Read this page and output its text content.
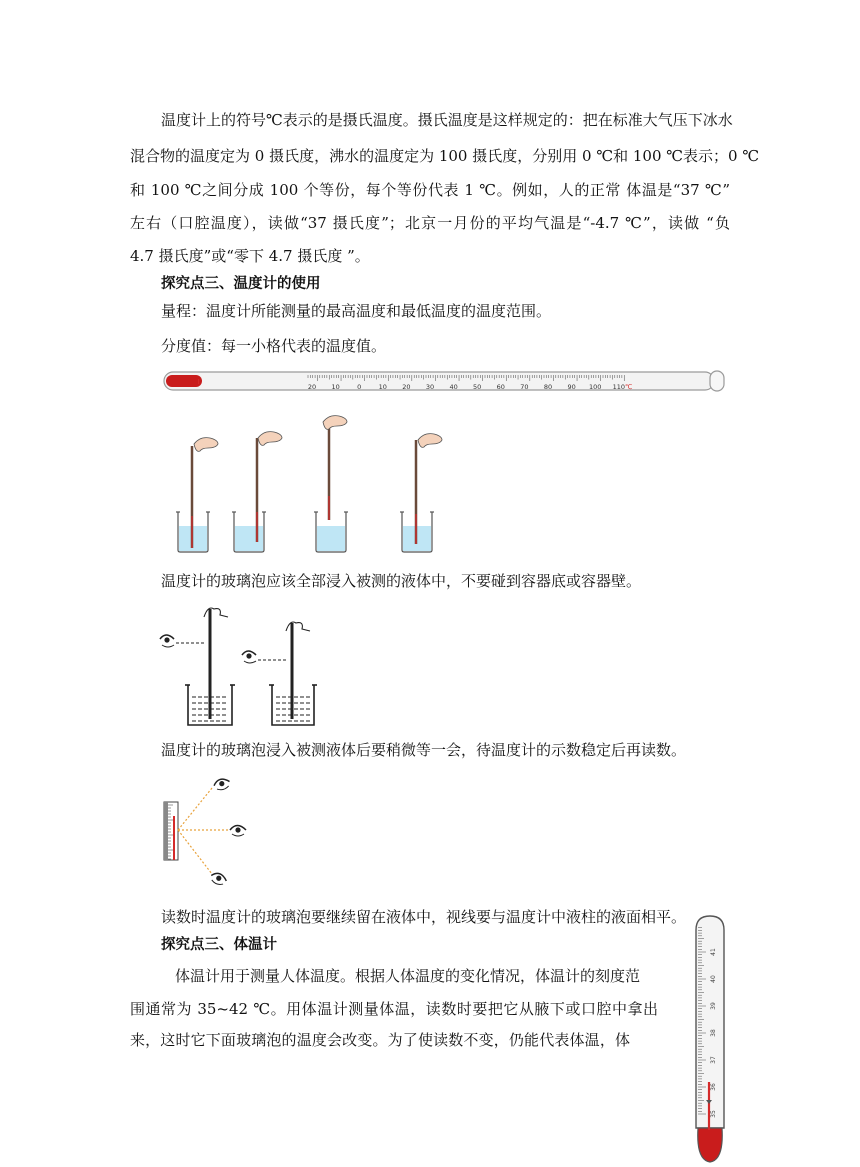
温度计上的符号℃表示的是摄氏温度。摄氏温度是这样规定的：把在标准大气压下冰水

混合物的温度定为 0 摄氏度，沸水的温度定为 100 摄氏度，分别用 0 ℃和 100 ℃表示；0 ℃

和 100 ℃之间分成 100 个等份，每个等份代表 1 ℃。例如，人的正常 体温是“37 ℃”

左右（口腔温度），读做“37 摄氏度”；北京一月份的平均气温是“-4.7 ℃”，读做 “负

4.7 摄氏度”或“零下 4.7 摄氏度 ”。

探究点三、温度计的使用

量程：温度计所能测量的最高温度和最低温度的温度范围。

分度值：每一小格代表的温度值。

20 10	0	10 20 30 40 50 60 70 80 90 100 110 ℃

温度计的玻璃泡应该全部浸入被测的液体中，不要碰到容器底或容器壁。

温度计的玻璃泡浸入被测液体后要稍微等一会，待温度计的示数稳定后再读数。

读数时温度计的玻璃泡要继续留在液体中，视线要与温度计中液柱的液面相平。

探究点三、体温计

体温计用于测量人体温度。根据人体温度的变化情况，体温计的刻度范

围通常为 35~42 ℃。用体温计测量体温，读数时要把它从腋下或口腔中拿出

来，这时它下面玻璃泡的温度会改变。为了使读数不变，仍能代表体温，体

35
36
37
38
39
40
41
